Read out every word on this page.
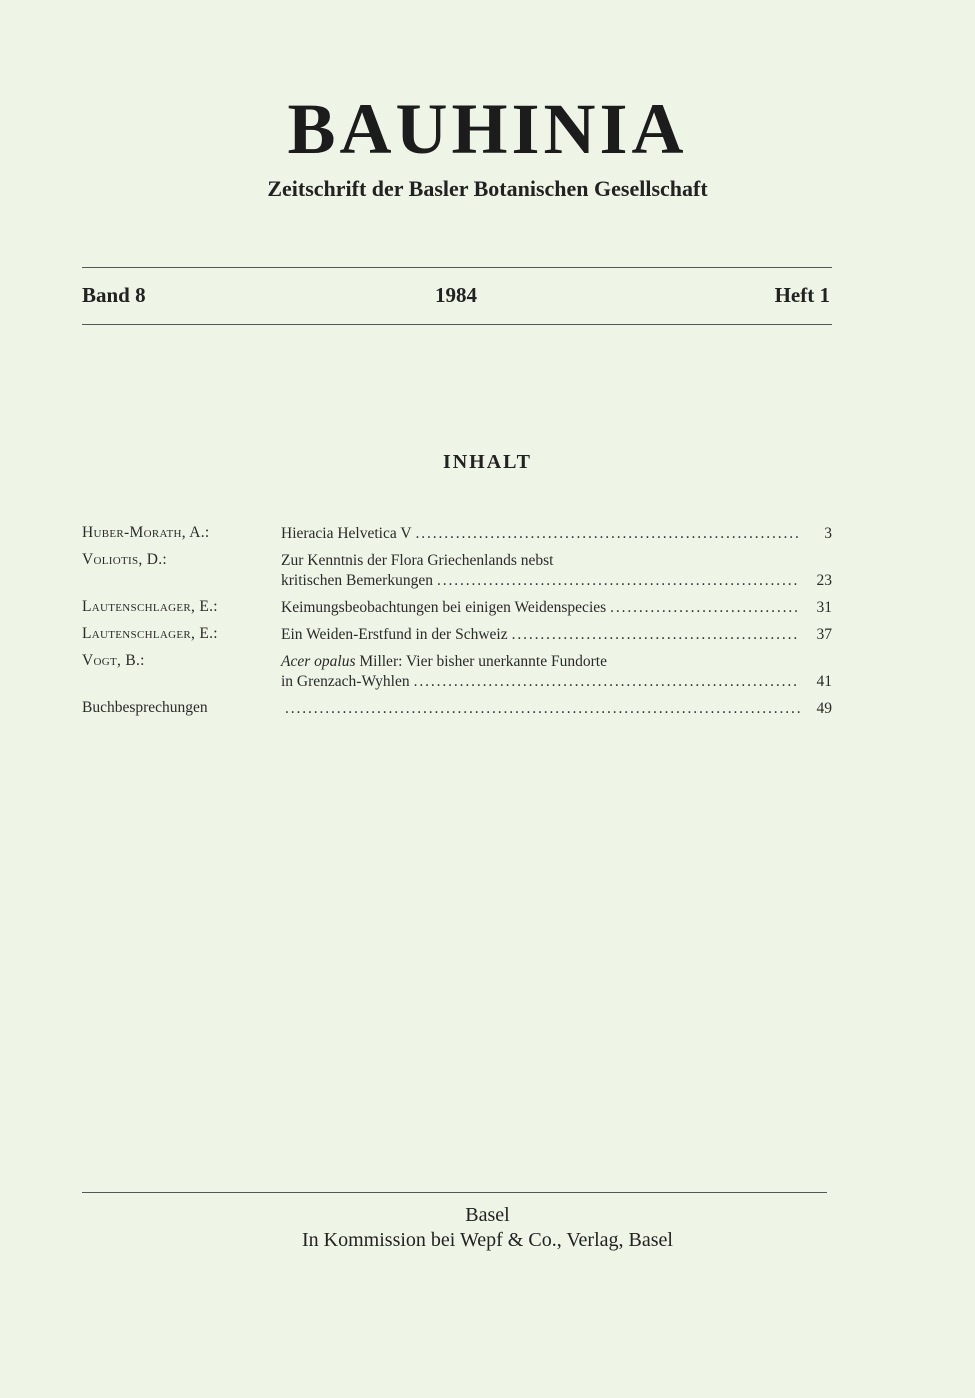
BAUHINIA
Zeitschrift der Basler Botanischen Gesellschaft
Band 8	1984	Heft 1
INHALT
Huber-Morath, A.:	Hieracia Helvetica V . . .	3
Voliotis, D.:	Zur Kenntnis der Flora Griechenlands nebst
kritischen Bemerkungen . . .	23
Lautenschlager, E.:	Keimungsbeobachtungen bei einigen Weidenspecies . . .	31
Lautenschlager, E.:	Ein Weiden-Erstfund in der Schweiz . . .	37
Vogt, B.:	Acer opalus Miller: Vier bisher unerkannte Fundorte
in Grenzach-Wyhlen . . .	41
Buchbesprechungen . . .	49
Basel
In Kommission bei Wepf & Co., Verlag, Basel
